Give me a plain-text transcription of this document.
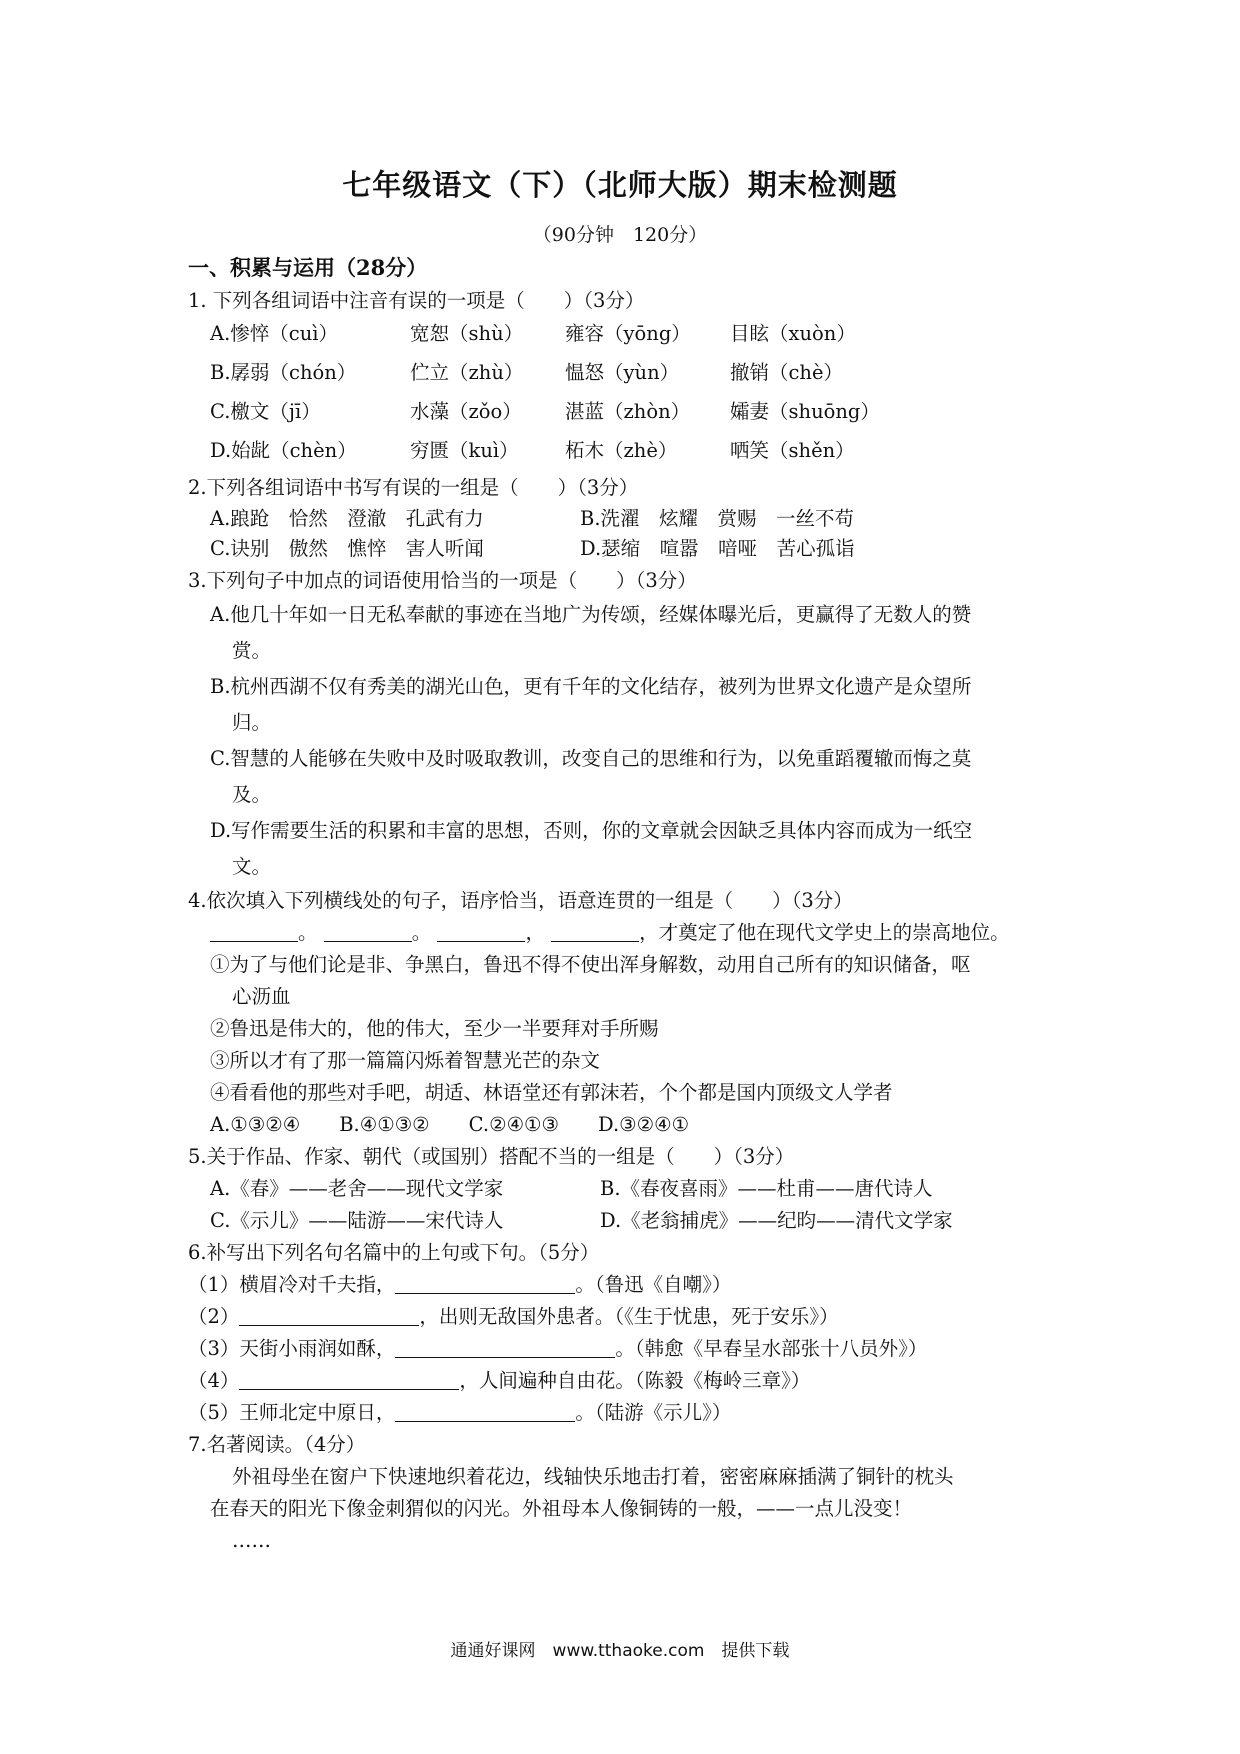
七年级语文（下）（北师大版）期末检测题
（90分钟　120分）
一、积累与运用（28分）
1. 下列各组词语中注音有误的一项是（　　）（3分）
A.惨悴（cuì）	宽恕（shù）	雍容（yōng）	目眩（xuòn）
B.孱弱（chón）	伫立（zhù）	愠怒（yùn）	撤销（chè）
C.檄文（jī）	水藻（zǒo）	湛蓝（zhòn）	孀妻（shuōng）
D.始龀（chèn）	穷匮（kuì）	柘木（zhè）	哂笑（shěn）
2.下列各组词语中书写有误的一组是（　　）（3分）
A.踉跄　恰然　澄澈　孔武有力	B.洗濯　炫耀　赏赐　一丝不苟
C.诀别　傲然　憔悴　害人听闻	D.瑟缩　喧嚣　喑哑　苦心孤诣
3.下列句子中加点的词语使用恰当的一项是（　　）（3分）
A.他几十年如一日无私奉献的事迹在当地广为传颂，经媒体曝光后，更赢得了无数人的赞
赏。
B.杭州西湖不仅有秀美的湖光山色，更有千年的文化结存，被列为世界文化遗产是众望所
归。
C.智慧的人能够在失败中及时吸取教训，改变自己的思维和行为，以免重蹈覆辙而悔之莫
及。
D.写作需要生活的积累和丰富的思想，否则，你的文章就会因缺乏具体内容而成为一纸空
文。
4.依次填入下列横线处的句子，语序恰当，语意连贯的一组是（　　）（3分）
。	。	，	，才奠定了他在现代文学史上的崇高地位。
①为了与他们论是非、争黑白，鲁迅不得不使出浑身解数，动用自己所有的知识储备，呕
心沥血
②鲁迅是伟大的，他的伟大，至少一半要拜对手所赐
③所以才有了那一篇篇闪烁着智慧光芒的杂文
④看看他的那些对手吧，胡适、林语堂还有郭沫若，个个都是国内顶级文人学者
A.①③②④　　B.④①③②　　C.②④①③　　D.③②④①
5.关于作品、作家、朝代（或国别）搭配不当的一组是（　　）（3分）
A.《春》——老舍——现代文学家	B.《春夜喜雨》——杜甫——唐代诗人
C.《示儿》——陆游——宋代诗人	D.《老翁捕虎》——纪昀——清代文学家
6.补写出下列名句名篇中的上句或下句。（5分）
（1）横眉冷对千夫指，	。（鲁迅《自嘲》）
（2）	，出则无敌国外患者。（《生于忧患，死于安乐》）
（3）天街小雨润如酥，	。（韩愈《早春呈水部张十八员外》）
（4）	，人间遍种自由花。（陈毅《梅岭三章》）
（5）王师北定中原日，	。（陆游《示儿》）
7.名著阅读。（4分）
外祖母坐在窗户下快速地织着花边，线轴快乐地击打着，密密麻麻插满了铜针的枕头
在春天的阳光下像金刺猬似的闪光。外祖母本人像铜铸的一般，——一点儿没变！
……
通通好课网　www.tthaoke.com　提供下载
